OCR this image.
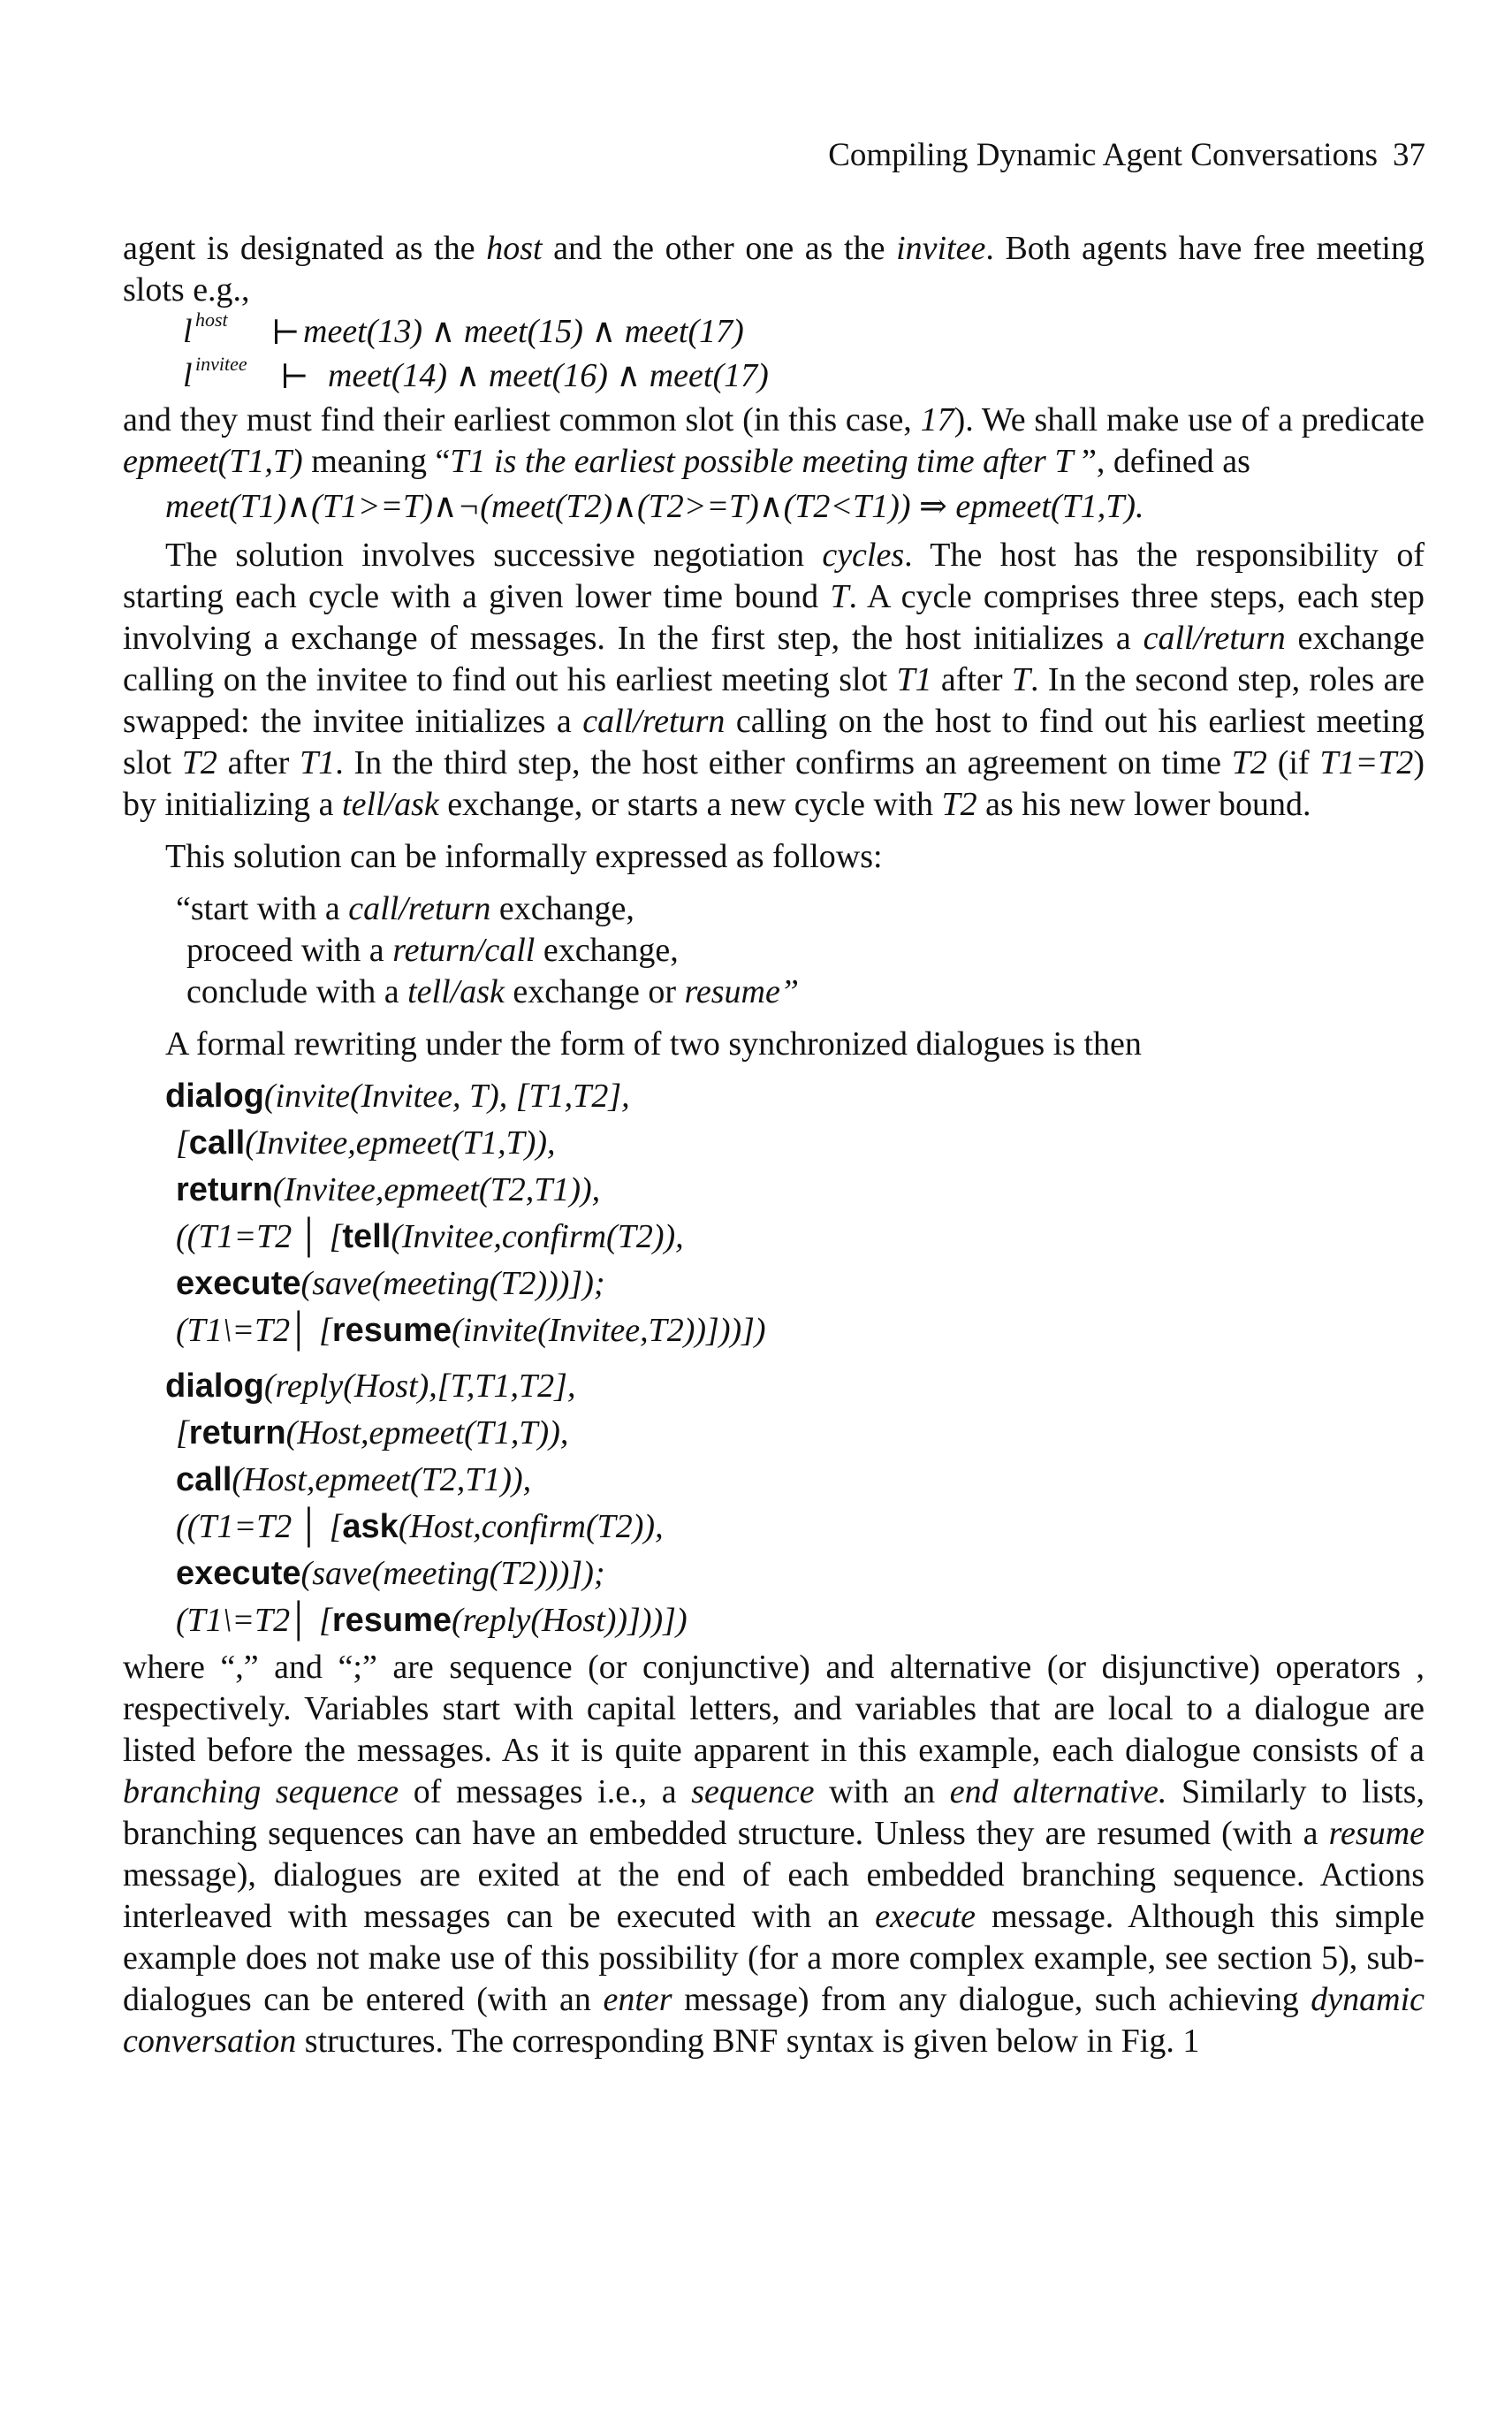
Compiling Dynamic Agent Conversations 37

agent is designated as the host and the other one as the invitee. Both agents have free meeting slots e.g.,

l host ⊢ meet(13) ∧ meet(15) ∧ meet(17)
l invitee ⊢ meet(14) ∧ meet(16) ∧ meet(17)

and they must find their earliest common slot (in this case, 17). We shall make use of a predicate epmeet(T1,T) meaning “T1 is the earliest possible meeting time after T ”, defined as

meet(T1)∧(T1>=T)∧¬(meet(T2)∧(T2>=T)∧(T2<T1)) ⇒ epmeet(T1,T).

The solution involves successive negotiation cycles. The host has the responsibility of starting each cycle with a given lower time bound T. A cycle comprises three steps, each step involving a exchange of messages. In the first step, the host initializes a call/return exchange calling on the invitee to find out his earliest meeting slot T1 after T. In the second step, roles are swapped: the invitee initializes a call/return calling on the host to find out his earliest meeting slot T2 after T1. In the third step, the host either confirms an agreement on time T2 (if T1=T2) by initializing a tell/ask exchange, or starts a new cycle with T2 as his new lower bound.

This solution can be informally expressed as follows:

“start with a call/return exchange,
proceed with a return/call exchange,
conclude with a tell/ask exchange or resume”

A formal rewriting under the form of two synchronized dialogues is then

dialog(invite(Invitee, T), [T1,T2],
[call(Invitee,epmeet(T1,T)),
return(Invitee,epmeet(T2,T1)),
((T1=T2 │ [tell(Invitee,confirm(T2)),
execute(save(meeting(T2)))]);
(T1\=T2│ [resume(invite(Invitee,T2))]))])
dialog(reply(Host),[T,T1,T2],
[return(Host,epmeet(T1,T)),
call(Host,epmeet(T2,T1)),
((T1=T2 │ [ask(Host,confirm(T2)),
execute(save(meeting(T2)))]);
(T1\=T2│ [resume(reply(Host))]))])

where “,” and “;” are sequence (or conjunctive) and alternative (or disjunctive) operators , respectively. Variables start with capital letters, and variables that are local to a dialogue are listed before the messages. As it is quite apparent in this example, each dialogue consists of a branching sequence of messages i.e., a sequence with an end alternative. Similarly to lists, branching sequences can have an embedded structure. Unless they are resumed (with a resume message), dialogues are exited at the end of each embedded branching sequence. Actions interleaved with messages can be executed with an execute message. Although this simple example does not make use of this possibility (for a more complex example, see section 5), sub-dialogues can be entered (with an enter message) from any dialogue, such achieving dynamic conversation structures. The corresponding BNF syntax is given below in Fig. 1
